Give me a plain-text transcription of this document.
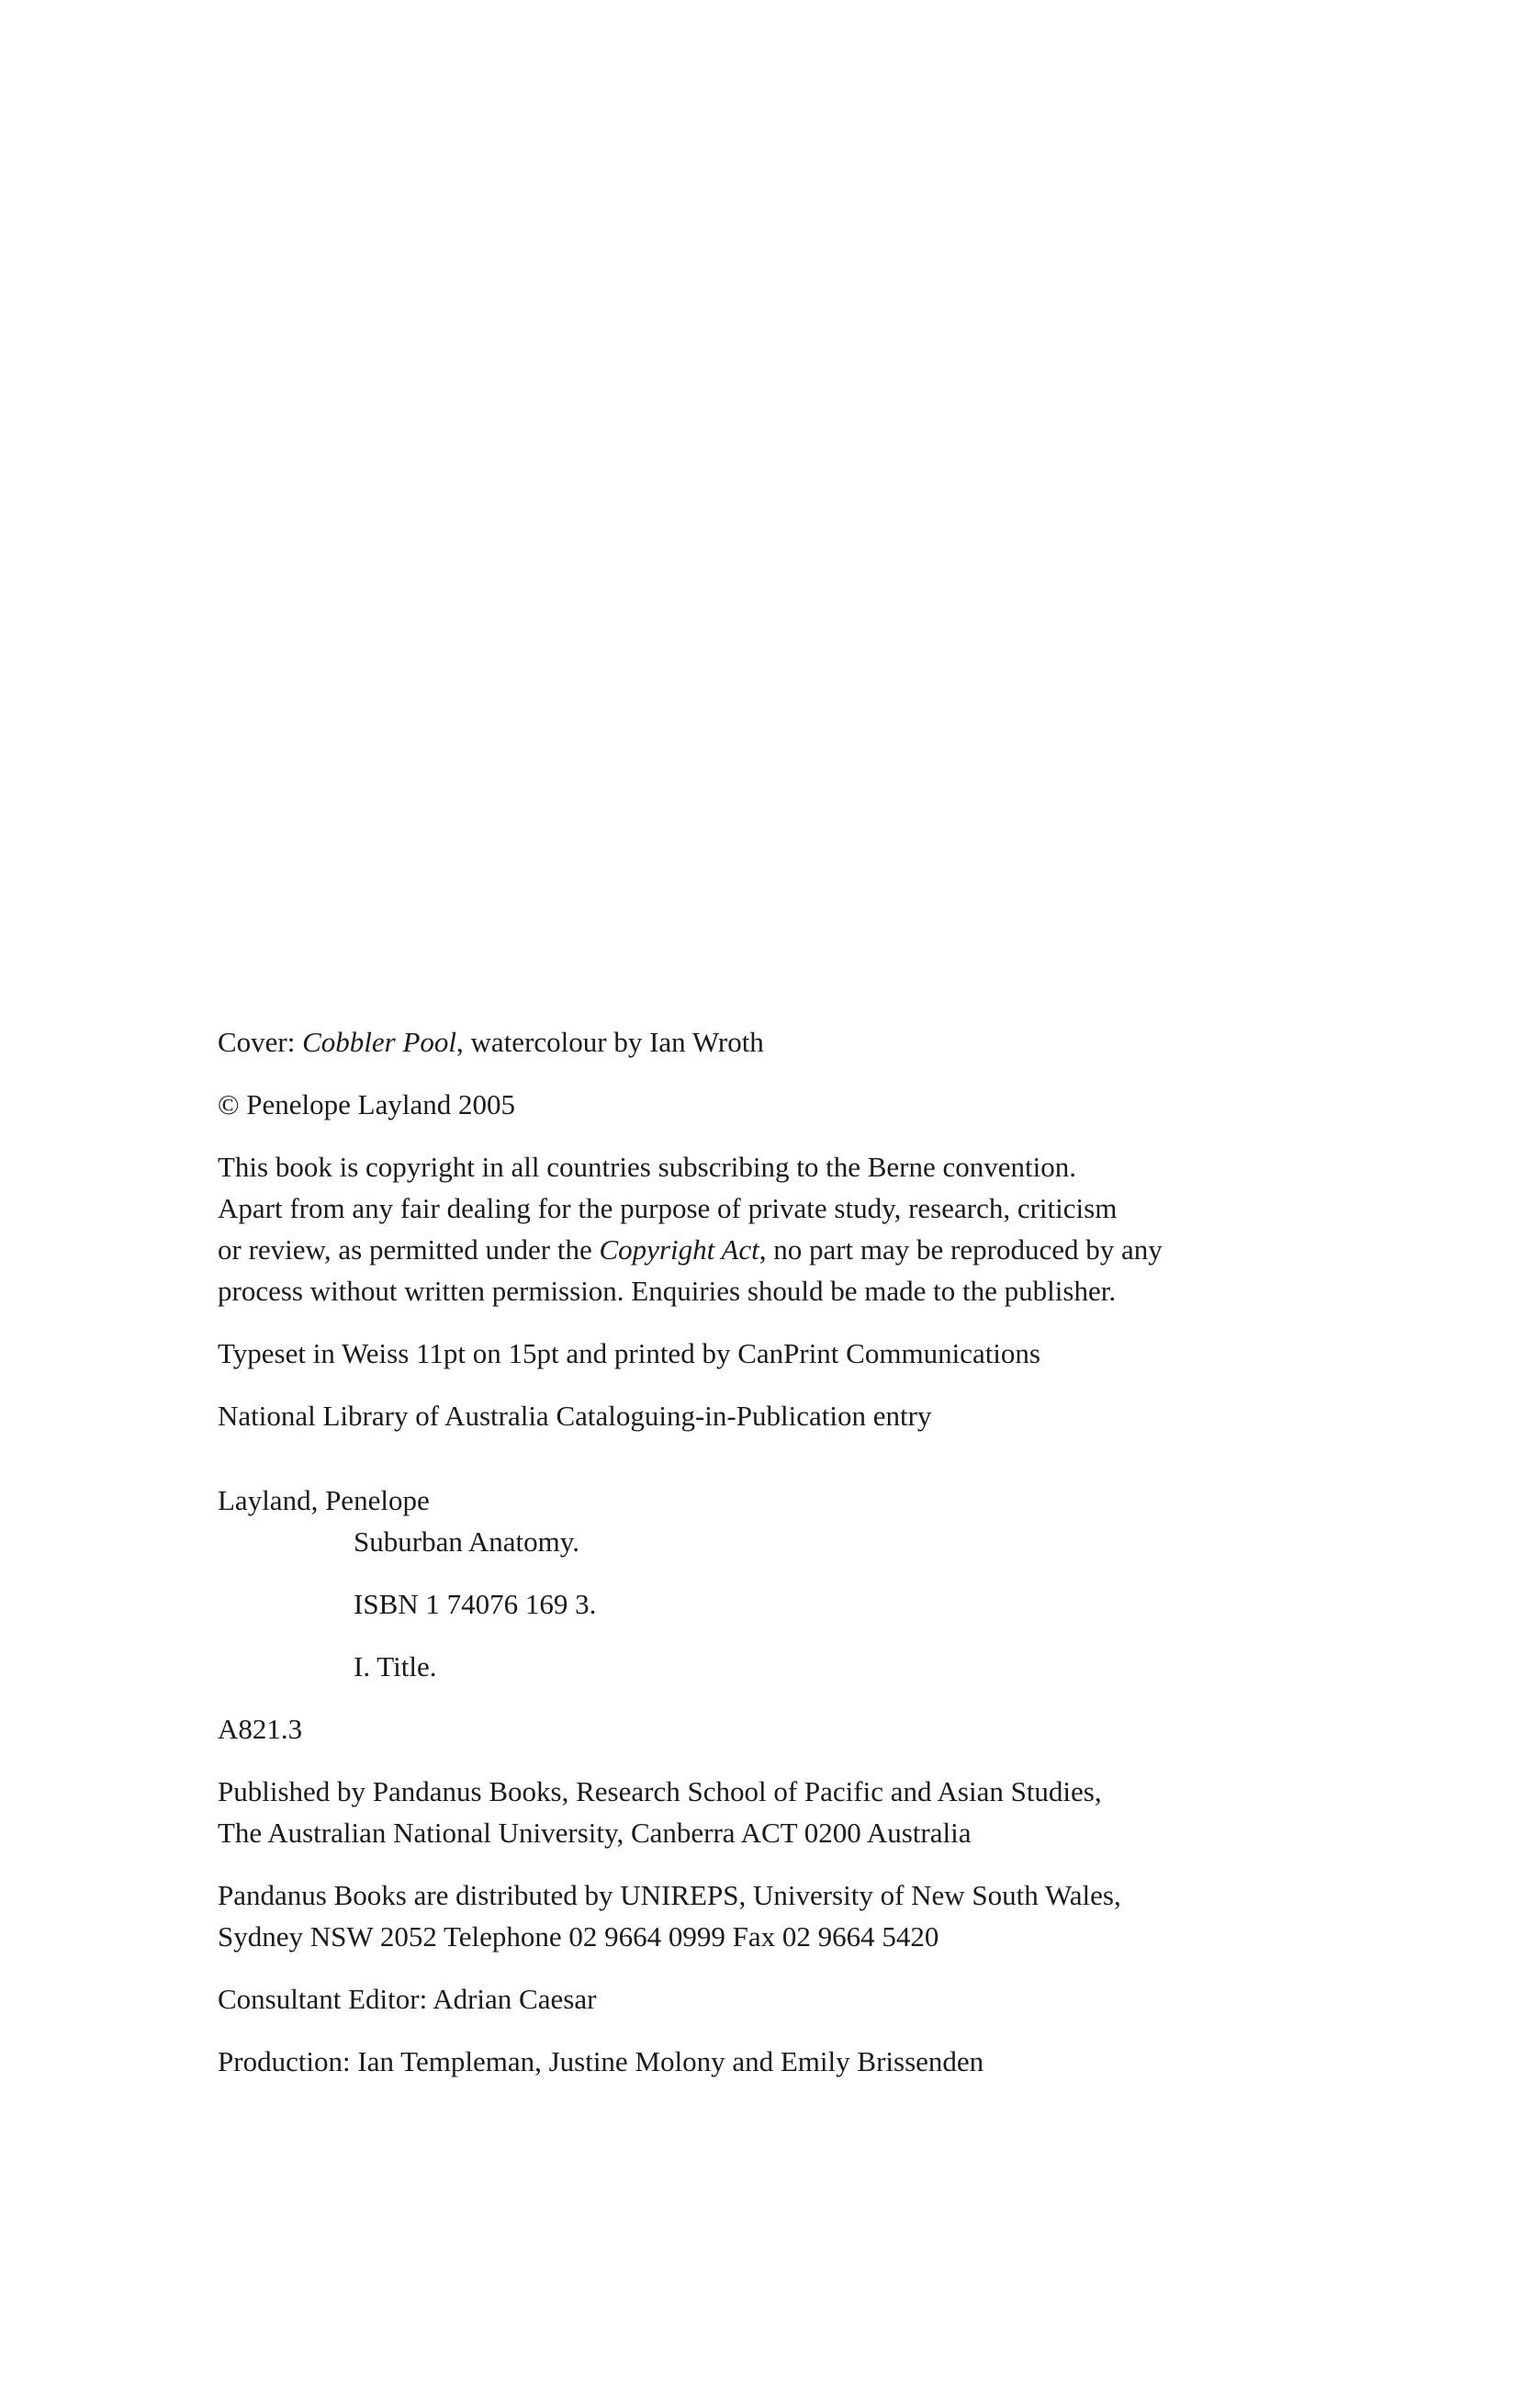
Cover: Cobbler Pool, watercolour by Ian Wroth

© Penelope Layland 2005

This book is copyright in all countries subscribing to the Berne convention.

Apart from any fair dealing for the purpose of private study, research, criticism

or review, as permitted under the Copyright Act, no part may be reproduced by any

process without written permission. Enquiries should be made to the publisher.

Typeset in Weiss 11pt on 15pt and printed by CanPrint Communications

National Library of Australia Cataloguing-in-Publication entry

Layland, Penelope

Suburban Anatomy.

ISBN 1 74076 169 3.

I. Title.

A821.3

Published by Pandanus Books, Research School of Pacific and Asian Studies,

The Australian National University, Canberra ACT 0200 Australia

Pandanus Books are distributed by UNIREPS, University of New South Wales,

Sydney NSW 2052 Telephone 02 9664 0999 Fax 02 9664 5420

Consultant Editor: Adrian Caesar

Production: Ian Templeman, Justine Molony and Emily Brissenden
